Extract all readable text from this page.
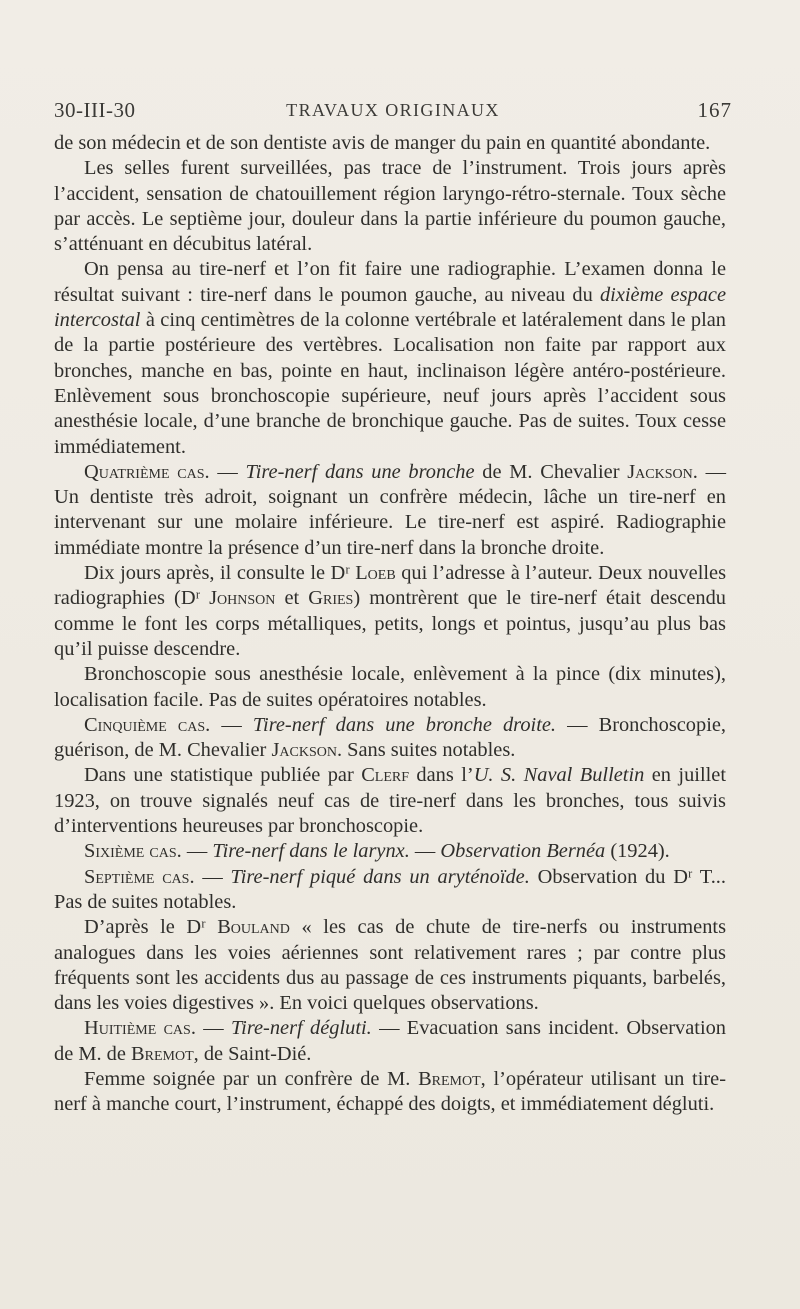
30-III-30	TRAVAUX ORIGINAUX	167

de son médecin et de son dentiste avis de manger du pain en quantité abondante.

Les selles furent surveillées, pas trace de l’instrument. Trois jours après l’accident, sensation de chatouillement région laryngo-rétro-sternale. Toux sèche par accès. Le septième jour, douleur dans la partie inférieure du poumon gauche, s’atténuant en décubitus latéral.

On pensa au tire-nerf et l’on fit faire une radiographie. L’examen donna le résultat suivant : tire-nerf dans le poumon gauche, au niveau du dixième espace intercostal à cinq centimètres de la colonne vertébrale et latéralement dans le plan de la partie postérieure des vertèbres. Localisation non faite par rapport aux bronches, manche en bas, pointe en haut, inclinaison légère antéro-postérieure. Enlèvement sous bronchoscopie supérieure, neuf jours après l’accident sous anesthésie locale, d’une branche de bronchique gauche. Pas de suites. Toux cesse immédiatement.

Quatrième cas. — Tire-nerf dans une bronche de M. Chevalier Jackson. — Un dentiste très adroit, soignant un confrère médecin, lâche un tire-nerf en intervenant sur une molaire inférieure. Le tire-nerf est aspiré. Radiographie immédiate montre la présence d’un tire-nerf dans la bronche droite.

Dix jours après, il consulte le Dʳ Loeb qui l’adresse à l’auteur. Deux nouvelles radiographies (Dʳ Johnson et Gries) montrèrent que le tire-nerf était descendu comme le font les corps métalliques, petits, longs et pointus, jusqu’au plus bas qu’il puisse descendre.

Bronchoscopie sous anesthésie locale, enlèvement à la pince (dix minutes), localisation facile. Pas de suites opératoires notables.

Cinquième cas. — Tire-nerf dans une bronche droite. — Bronchoscopie, guérison, de M. Chevalier Jackson. Sans suites notables.

Dans une statistique publiée par Clerf dans l’U. S. Naval Bulletin en juillet 1923, on trouve signalés neuf cas de tire-nerf dans les bronches, tous suivis d’interventions heureuses par bronchoscopie.

Sixième cas. — Tire-nerf dans le larynx. — Observation Bernéa (1924).

Septième cas. — Tire-nerf piqué dans un aryténoïde. Observation du Dʳ T... Pas de suites notables.

D’après le Dʳ Bouland « les cas de chute de tire-nerfs ou instruments analogues dans les voies aériennes sont relativement rares ; par contre plus fréquents sont les accidents dus au passage de ces instruments piquants, barbelés, dans les voies digestives ». En voici quelques observations.

Huitième cas. — Tire-nerf dégluti. — Evacuation sans incident. Observation de M. de Bremot, de Saint-Dié.

Femme soignée par un confrère de M. Bremot, l’opérateur utilisant un tire-nerf à manche court, l’instrument, échappé des doigts, et immédiatement dégluti.
